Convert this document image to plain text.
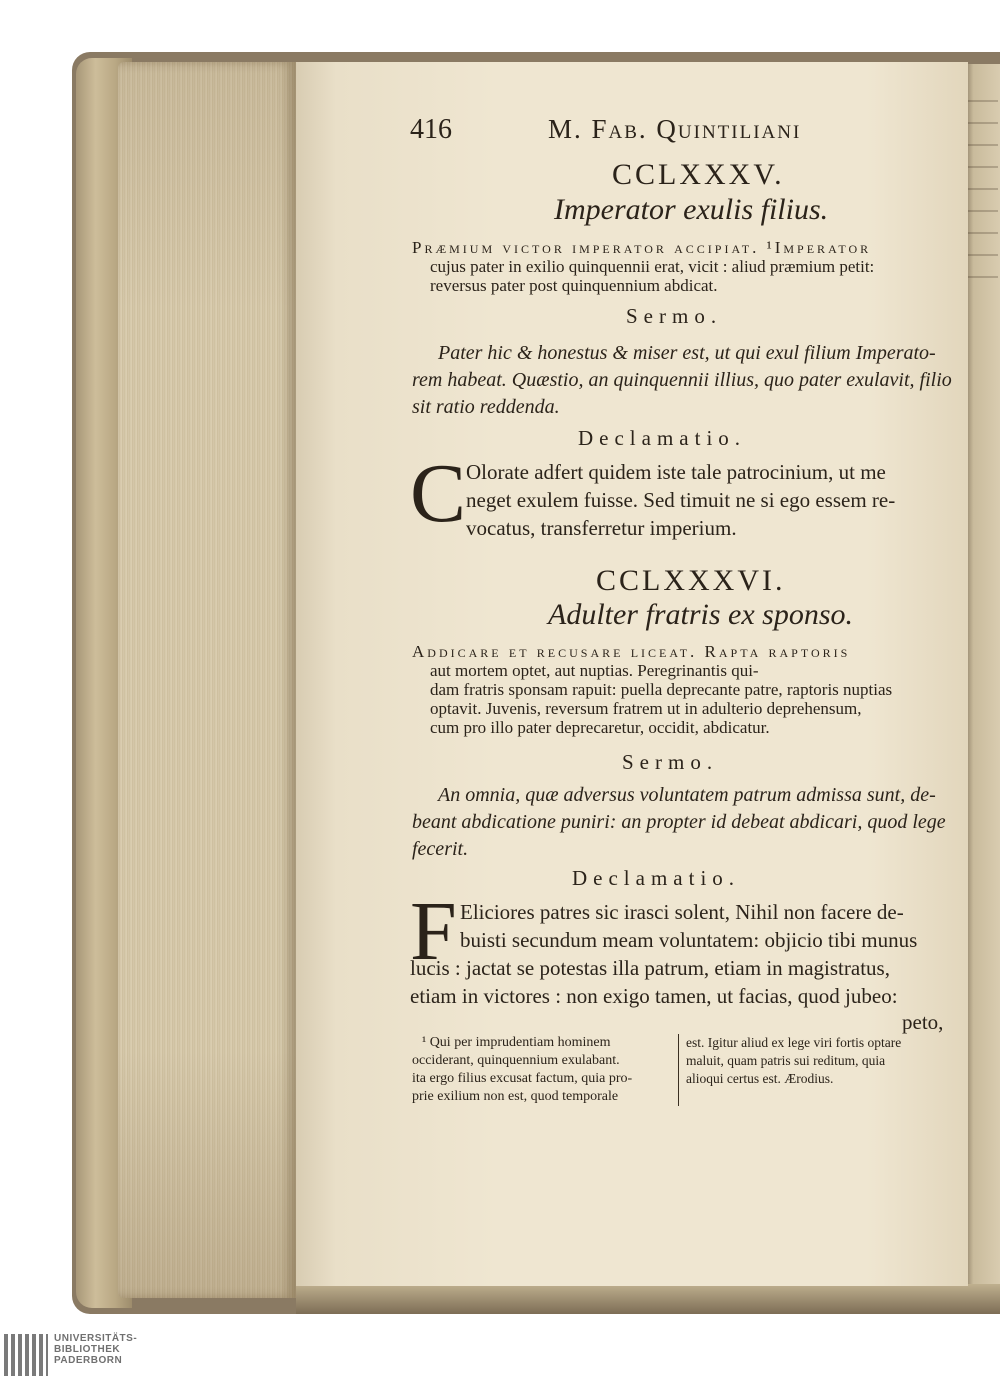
416	M. Fab. Quintiliani
CCLXXXV.
Imperator exulis filius.
Præmium victor imperator accipiat. ¹Imperator
cujus pater in exilio quinquennii erat, vicit : aliud præmium petit:
reversus pater post quinquennium abdicat.
Sermo.
Pater hic & honestus & miser est, ut qui exul filium Imperato-
rem habeat. Quæstio, an quinquennii illius, quo pater exulavit, filio
sit ratio reddenda.
Declamatio.
C Olorate adfert quidem iste tale patrocinium, ut me
neget exulem fuisse. Sed timuit ne si ego essem re-
vocatus, transferretur imperium.
CCLXXXVI.
Adulter fratris ex sponso.
Addicare et recusare liceat. Rapta raptoris
aut mortem optet, aut nuptias. Peregrinantis qui-
dam fratris sponsam rapuit: puella deprecante patre, raptoris nuptias
optavit. Juvenis, reversum fratrem ut in adulterio deprehensum,
cum pro illo pater deprecaretur, occidit, abdicatur.
Sermo.
An omnia, quæ adversus voluntatem patrum admissa sunt, de-
beant abdicatione puniri: an propter id debeat abdicari, quod lege
fecerit.
Declamatio.
F Eliciores patres sic irasci solent, Nihil non facere de-
buisti secundum meam voluntatem: objicio tibi munus
lucis : jactat se potestas illa patrum, etiam in magistratus,
etiam in victores : non exigo tamen, ut facias, quod jubeo:
peto,
¹ Qui per imprudentiam hominem
occiderant, quinquennium exulabant.
ita ergo filius excusat factum, quia pro-
prie exilium non est, quod temporale
est. Igitur aliud ex lege viri fortis optare
maluit, quam patris sui reditum, quia
alioqui certus est. Ærodius.
UNIVERSITÄTS-
BIBLIOTHEK
PADERBORN
